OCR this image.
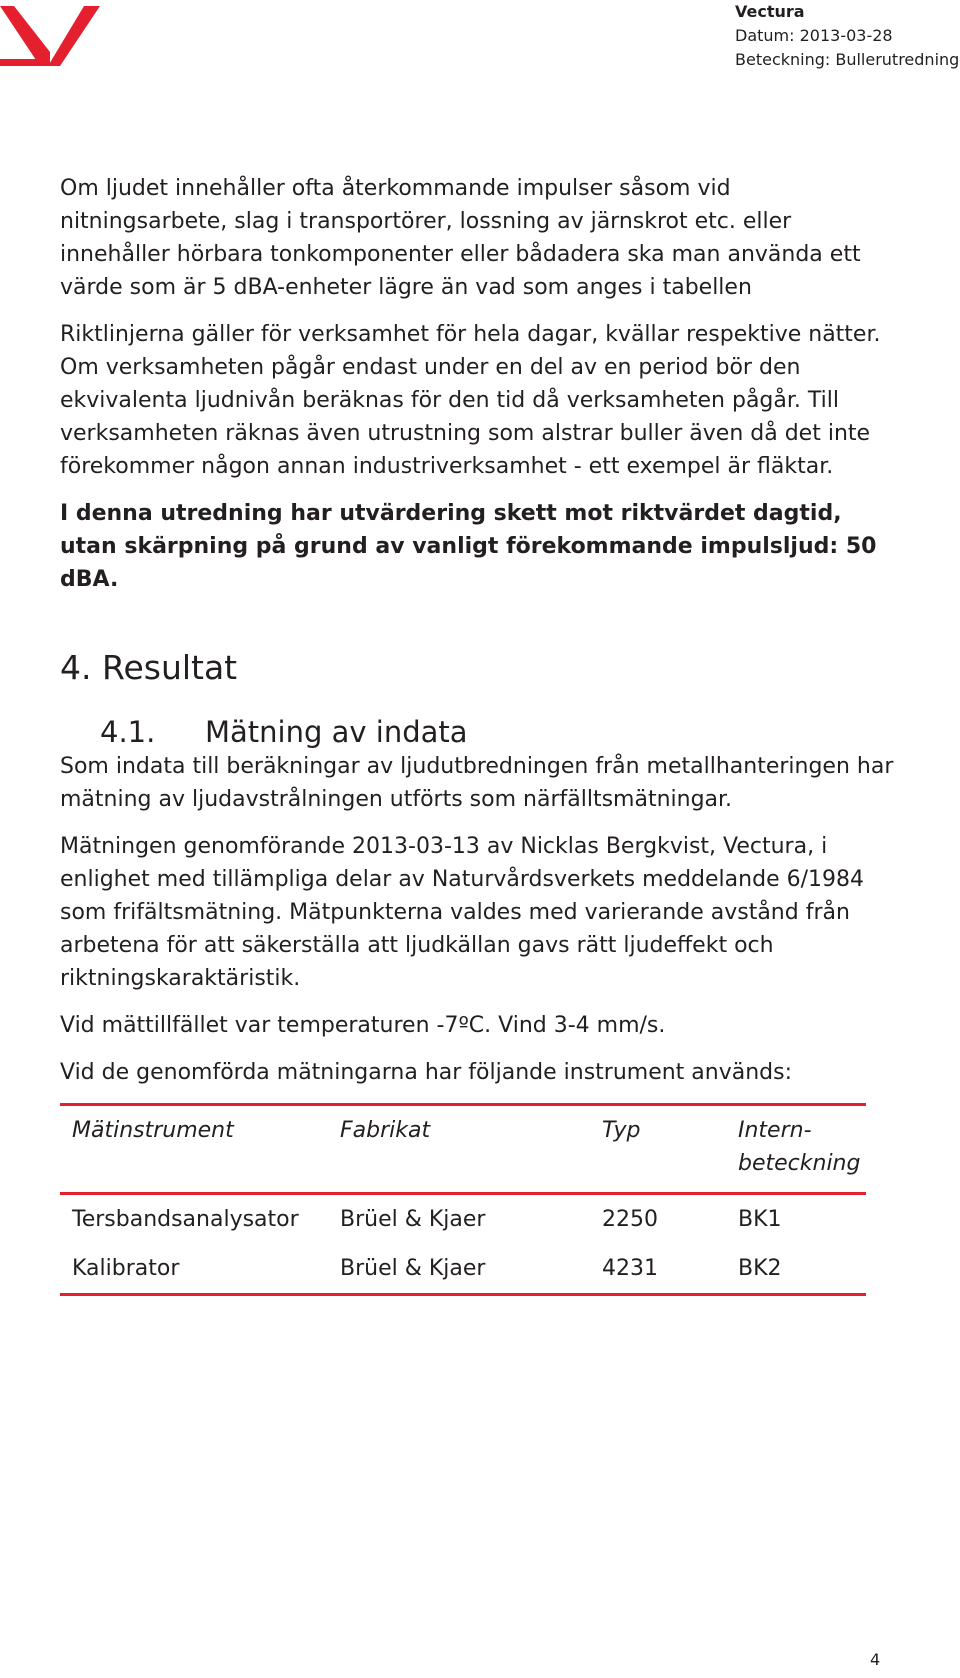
Vectura
Datum: 2013-03-28
Beteckning: Bullerutredning

Om ljudet innehåller ofta återkommande impulser såsom vid nitningsarbete, slag i transportörer, lossning av järnskrot etc. eller innehåller hörbara tonkomponenter eller bådadera ska man använda ett värde som är 5 dBA-enheter lägre än vad som anges i tabellen

Riktlinjerna gäller för verksamhet för hela dagar, kvällar respektive nätter. Om verksamheten pågår endast under en del av en period bör den ekvivalenta ljudnivån beräknas för den tid då verksamheten pågår. Till verksamheten räknas även utrustning som alstrar buller även då det inte förekommer någon annan industriverksamhet - ett exempel är fläktar.

I denna utredning har utvärdering skett mot riktvärdet dagtid, utan skärpning på grund av vanligt förekommande impulsljud: 50 dBA.

4. Resultat
4.1.	Mätning av indata

Som indata till beräkningar av ljudutbredningen från metallhanteringen har mätning av ljudavstrålningen utförts som närfälltsmätningar.

Mätningen genomförande 2013-03-13 av Nicklas Bergkvist, Vectura, i enlighet med tillämpliga delar av Naturvårdsverkets meddelande 6/1984 som frifältsmätning. Mätpunkterna valdes med varierande avstånd från arbetena för att säkerställa att ljudkällan gavs rätt ljudeffekt och riktningskaraktäristik.

Vid mättillfället var temperaturen -7ºC. Vind 3-4 mm/s.

Vid de genomförda mätningarna har följande instrument används:

Mätinstrument	Fabrikat	Typ	Intern-beteckning
Tersbandsanalysator	Brüel & Kjaer	2250	BK1
Kalibrator	Brüel & Kjaer	4231	BK2
4
